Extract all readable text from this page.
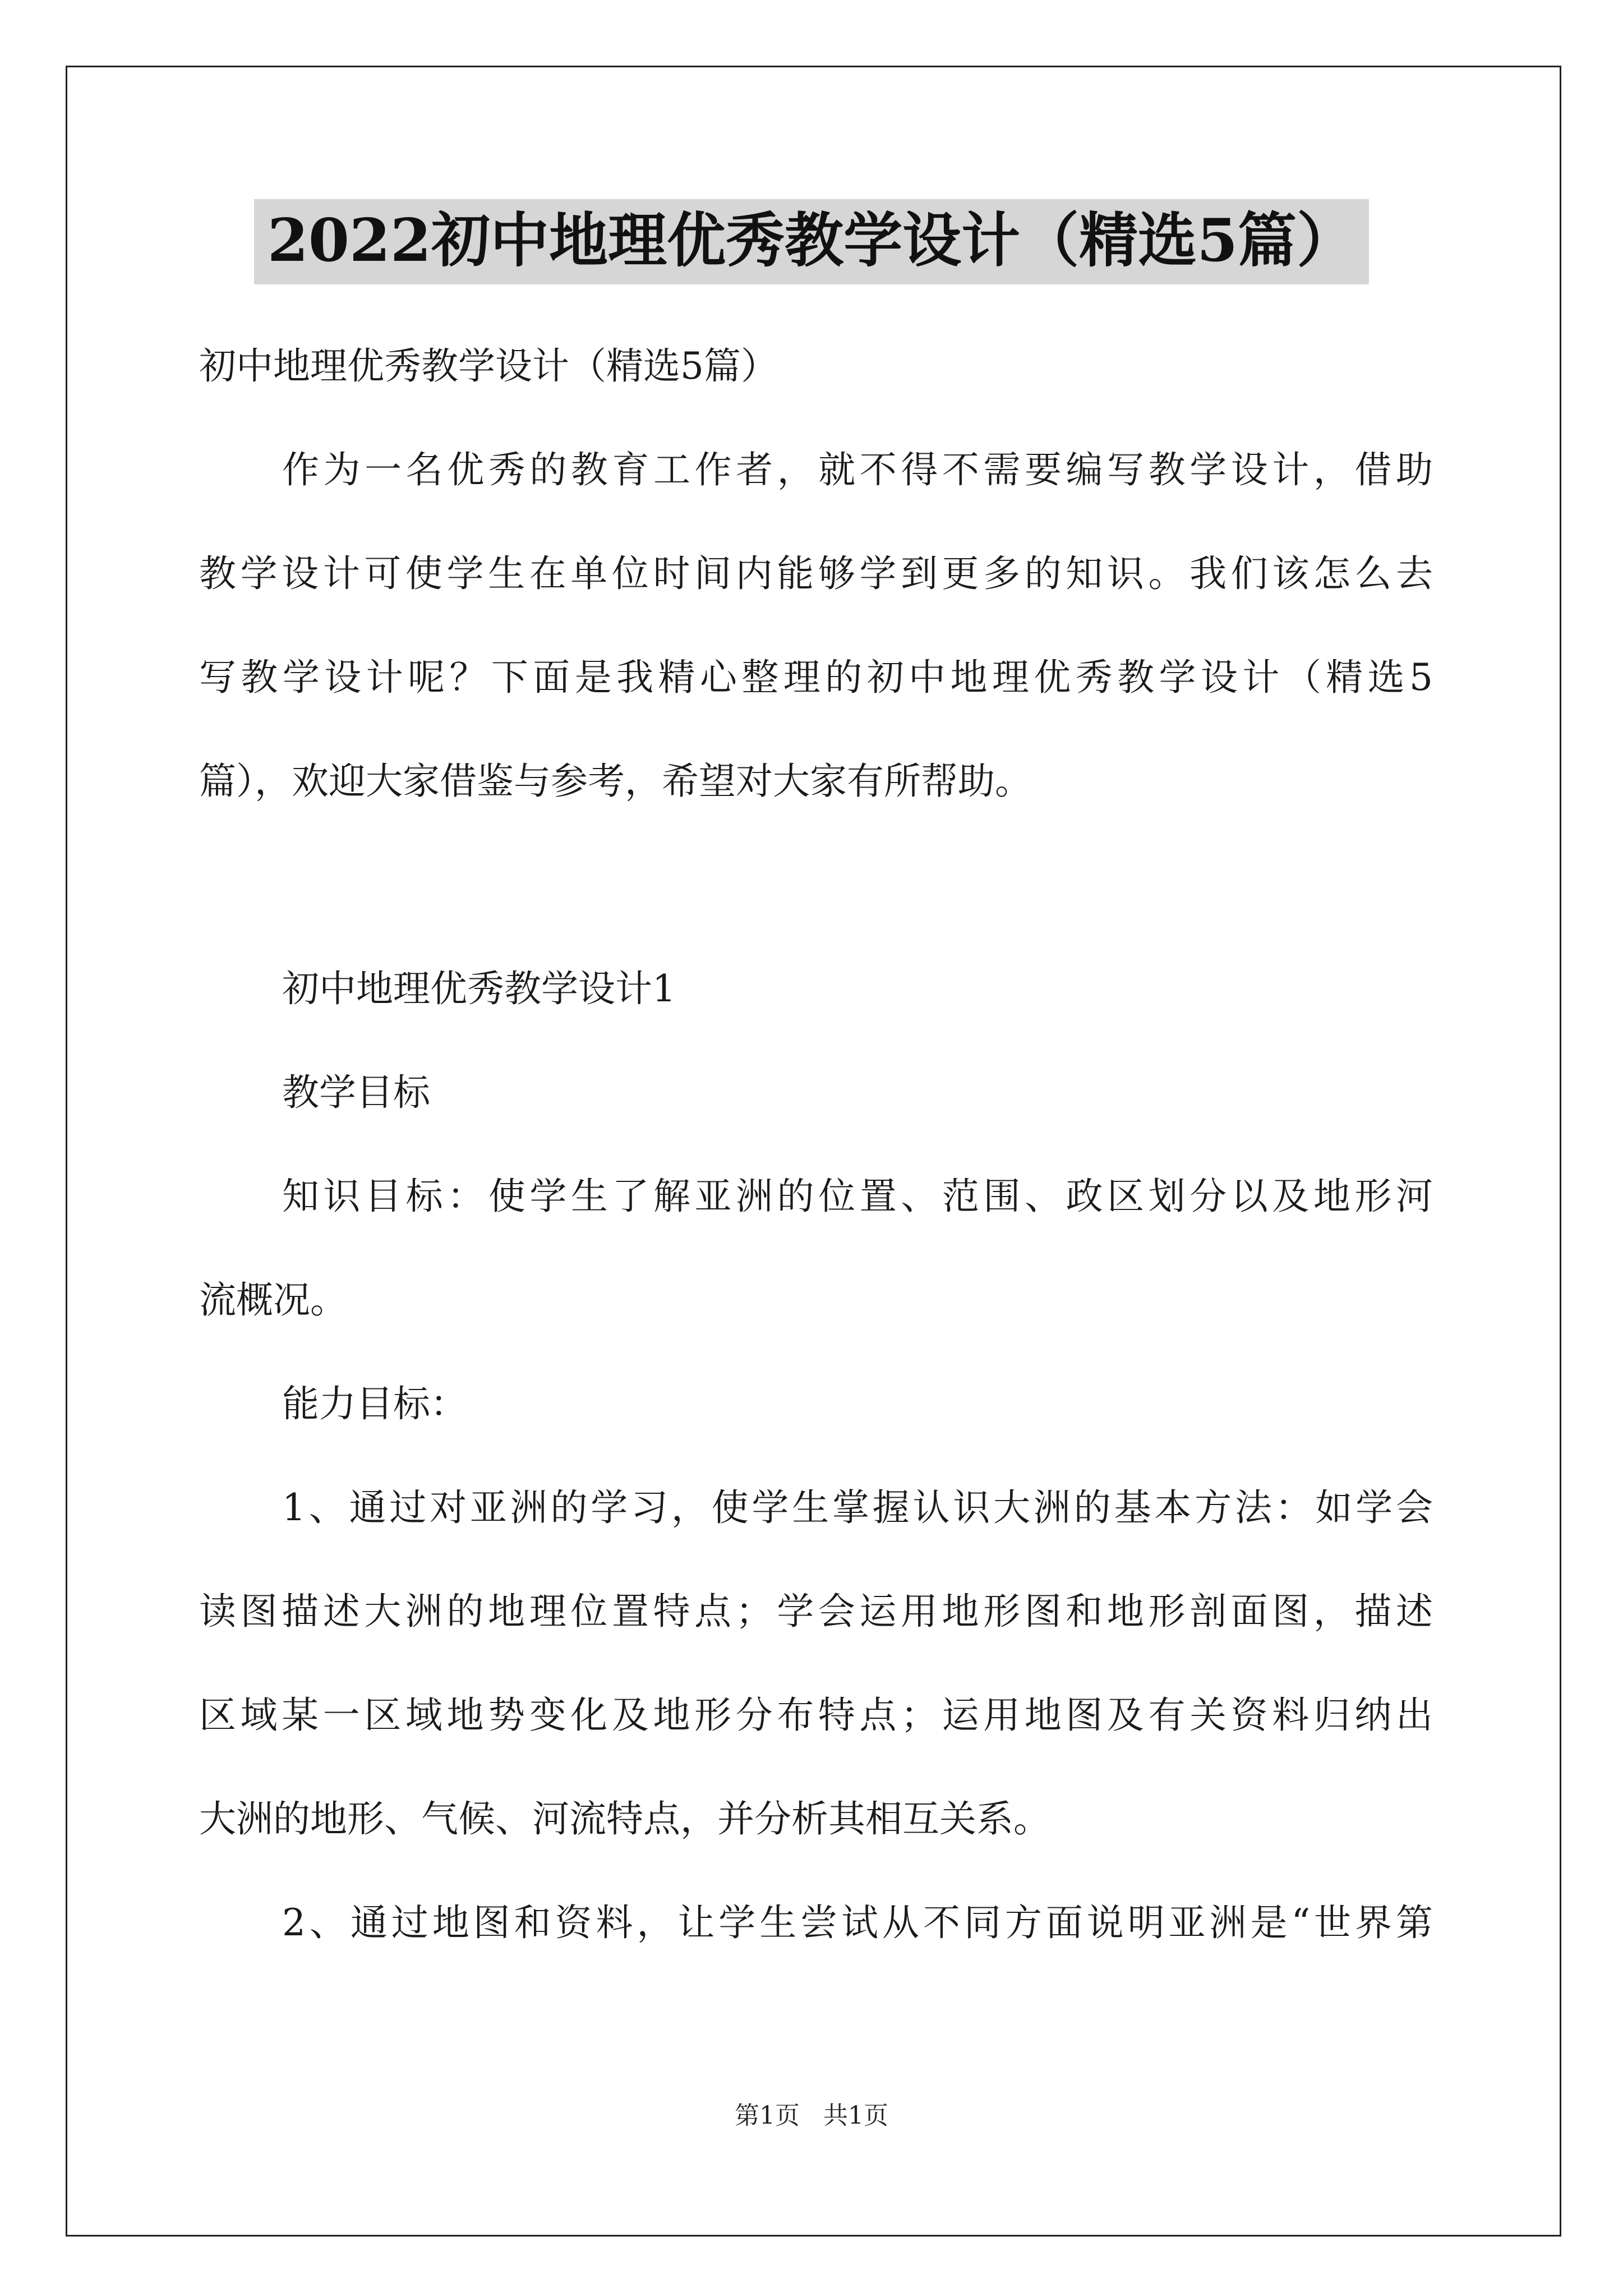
2022初中地理优秀教学设计（精选5篇）
初中地理优秀教学设计（精选5篇）
作为一名优秀的教育工作者，就不得不需要编写教学设计，借助
教学设计可使学生在单位时间内能够学到更多的知识。我们该怎么去
写教学设计呢？下面是我精心整理的初中地理优秀教学设计（精选5
篇），欢迎大家借鉴与参考，希望对大家有所帮助。
初中地理优秀教学设计1
教学目标
知识目标：使学生了解亚洲的位置、范围、政区划分以及地形河
流概况。
能力目标：
1、通过对亚洲的学习，使学生掌握认识大洲的基本方法：如学会
读图描述大洲的地理位置特点；学会运用地形图和地形剖面图，描述
区域某一区域地势变化及地形分布特点；运用地图及有关资料归纳出
大洲的地形、气候、河流特点，并分析其相互关系。
2、通过地图和资料，让学生尝试从不同方面说明亚洲是“世界第
第1页   共1页
